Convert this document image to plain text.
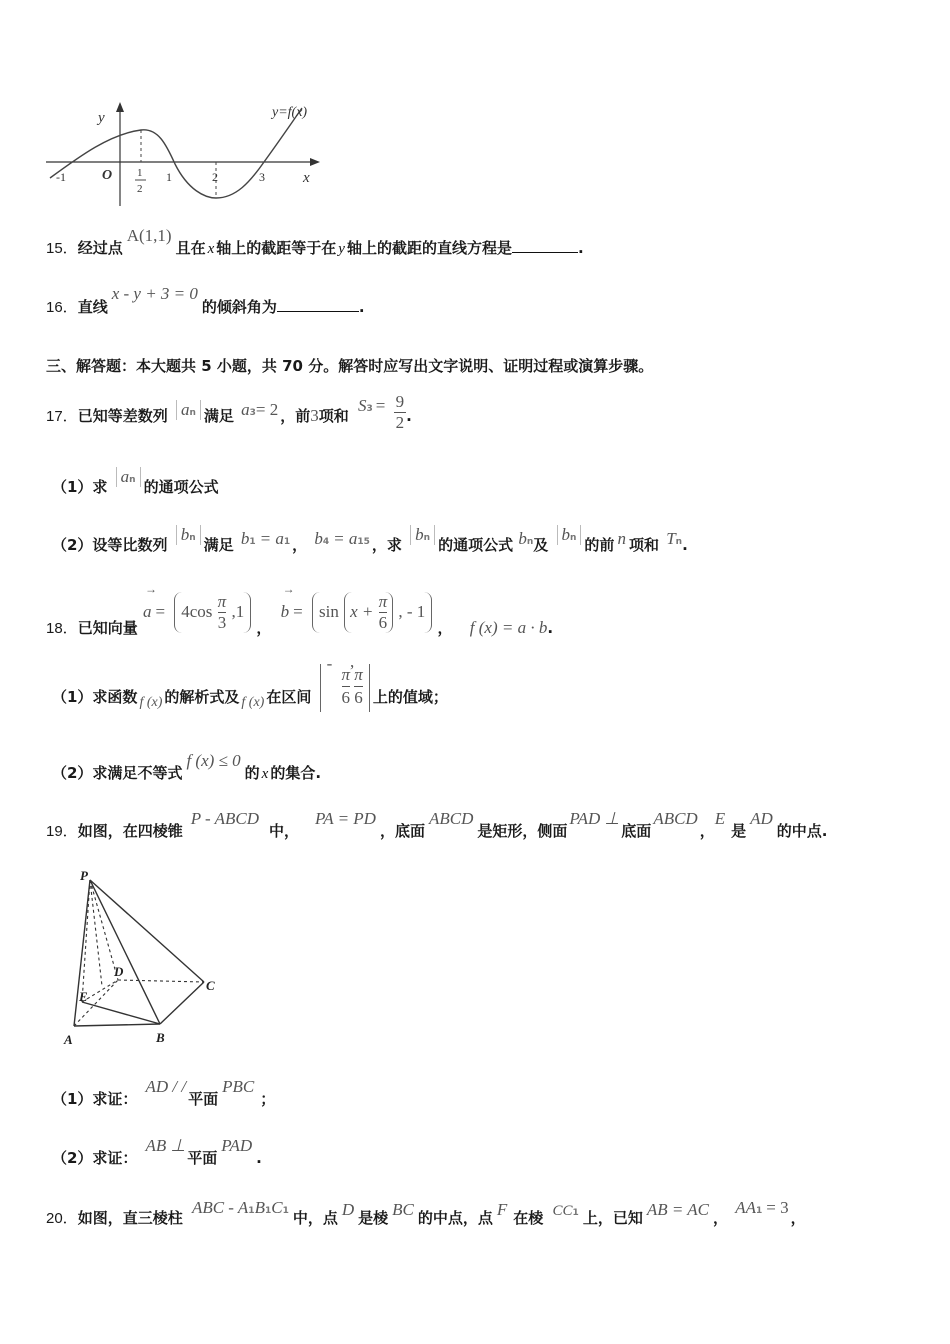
y=f(x)
y
x
O
-1	1	2	3
1
2
15．经过点A(1,1)且在 x 轴上的截距等于在 y 轴上的截距的直线方程是	.
16．直线x - y + 3 = 0的倾斜角为	.
三、解答题：本大题共 5 小题，共 70 分。解答时应写出文字说明、证明过程或演算步骤。
17．已知等差数列 an 满足 a3= 2 ，前3项和 $S3 = \frac{9}{2}$ .
（1）求 an 的通项公式
（2）设等比数列 bn 满足 b1 = a1 ， b4 = a15 ，求 bn 的通项公式 bn及 bn 的前 n 项和 Tn.
18．已知向量
→
$a = 4\cos \frac{\pi}{3} ,1$ ，
→
$b = \sin x + \frac{\pi}{6}$ , - 1 ， f (x) = a · b.
（1）求函数 f (x) 的解析式及 f (x) 在区间 -
$\frac{\pi}{6}$
,
$\frac{\pi}{6}$ 上的值域；
（2）求满足不等式f (x) ≤ 0的 x 的集合.
19．如图，在四棱锥P - ABCD中，PA = PD，底面ABCD是矩形，侧面PAD ⊥底面ABCD，E是AD的中点.
P
D
C
E
A	B
（1）求证：AD / /平面PBC；
（2）求证：AB ⊥平面PAD.
20．如图，直三棱柱 ABC - A1B1C1 中，点 D 是棱 BC 的中点，点 F 在棱 CC1 上，已知 AB = AC ， AA1 = 3，
